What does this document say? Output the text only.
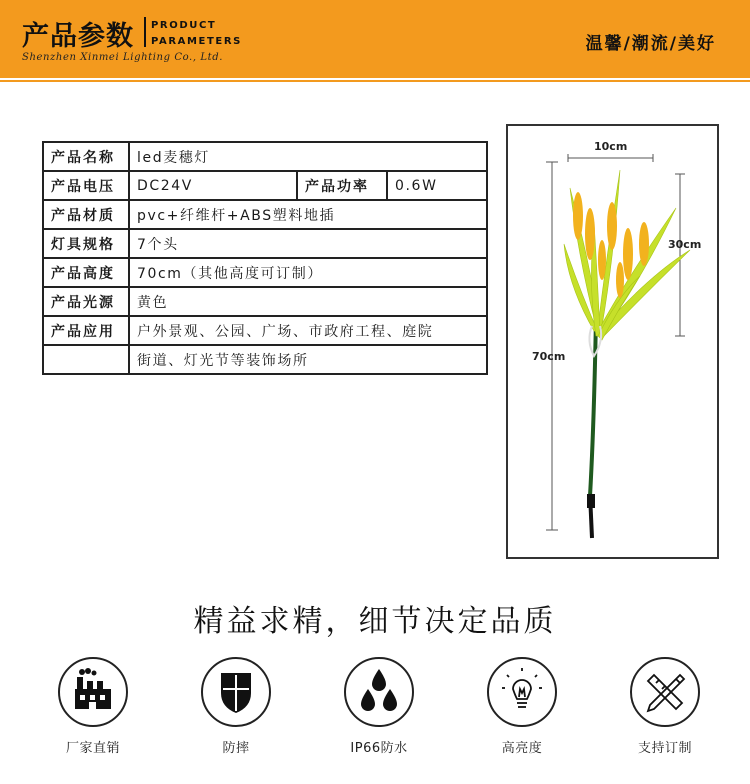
产品参数 PRODUCT
PARAMETERS
Shenzhen Xinmei Lighting Co., Ltd.
温馨/潮流/美好
产品名称	led麦穗灯		
产品电压	DC24V	产品功率	0.6W
产品材质	pvc+纤维杆+ABS塑料地插		
灯具规格	7个头		
产品高度	70cm（其他高度可订制）		
产品光源	黄色		
产品应用	户外景观、公园、广场、市政府工程、庭院		
	街道、灯光节等装饰场所		
10cm
30cm
70cm
精益求精，细节决定品质
厂家直销	防摔	IP66防水	高亮度	支持订制
